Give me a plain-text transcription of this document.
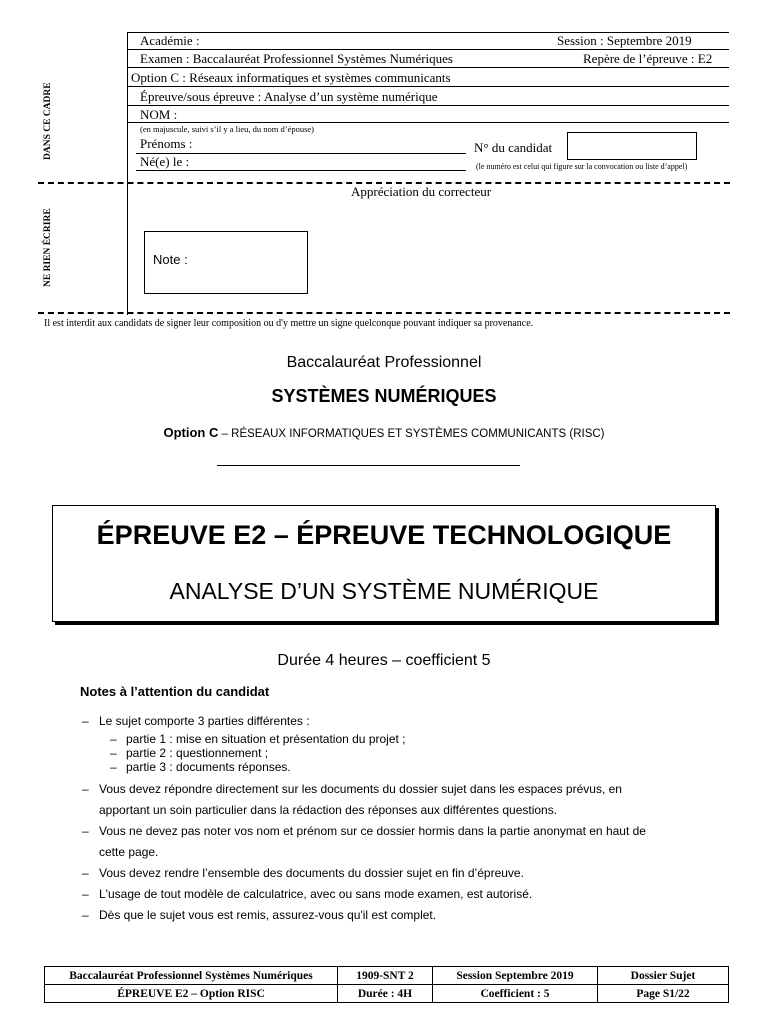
Académie :	Session : Septembre 2019
Examen : Baccalauréat Professionnel Systèmes Numériques	Repère de l’épreuve : E2
Option C : Réseaux informatiques et systèmes communicants
Épreuve/sous épreuve : Analyse d’un système numérique
NOM :
(en majuscule, suivi s’il y a lieu, du nom d’épouse)
Prénoms :
Né(e) le :
N° du candidat
(le numéro est celui qui figure sur la convocation ou liste d’appel)
DANS CE CADRE
NE RIEN ÉCRIRE
Appréciation du correcteur
Note :
Il est interdit aux candidats de signer leur composition ou d'y mettre un signe quelconque pouvant indiquer sa provenance.
Baccalauréat Professionnel
SYSTÈMES NUMÉRIQUES
Option C – RÉSEAUX INFORMATIQUES ET SYSTÈMES COMMUNICANTS (RISC)
ÉPREUVE E2 – ÉPREUVE TECHNOLOGIQUE
ANALYSE D’UN SYSTÈME NUMÉRIQUE
Durée 4 heures – coefficient 5
Notes à l’attention du candidat
– Le sujet comporte 3 parties différentes :
– partie 1 : mise en situation et présentation du projet ;
– partie 2 : questionnement ;
– partie 3 : documents réponses.
– Vous devez répondre directement sur les documents du dossier sujet dans les espaces prévus, en
apportant un soin particulier dans la rédaction des réponses aux différentes questions.
– Vous ne devez pas noter vos nom et prénom sur ce dossier hormis dans la partie anonymat en haut de
cette page.
– Vous devez rendre l’ensemble des documents du dossier sujet en fin d’épreuve.
– L'usage de tout modèle de calculatrice, avec ou sans mode examen, est autorisé.
– Dès que le sujet vous est remis, assurez-vous qu'il est complet.
Baccalauréat Professionnel Systèmes Numériques	1909-SNT 2	Session Septembre 2019	Dossier Sujet
ÉPREUVE E2 – Option RISC	Durée : 4H	Coefficient : 5	Page S1/22
